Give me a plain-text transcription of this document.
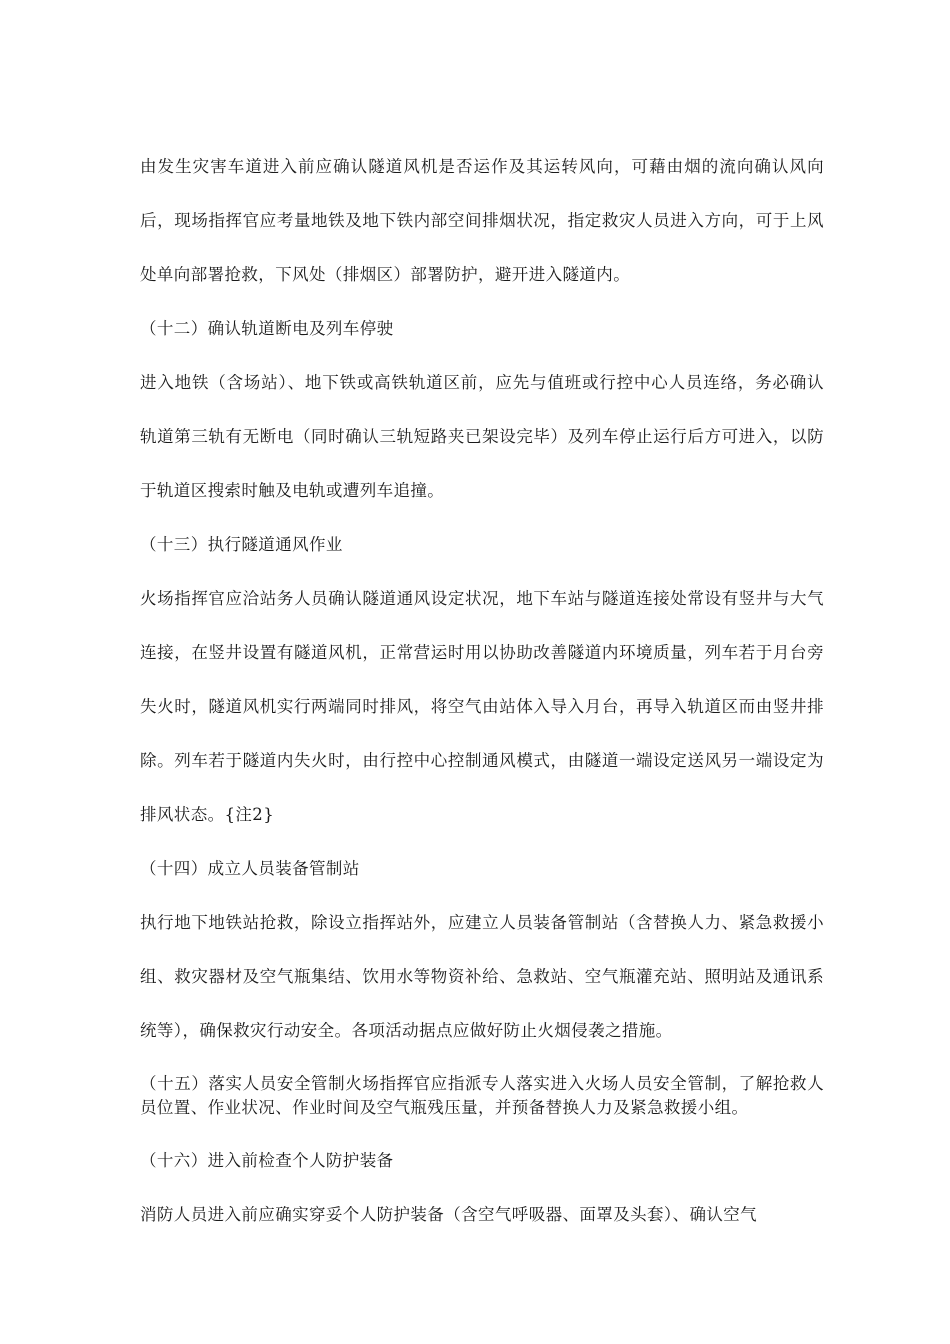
由发生灾害车道进入前应确认隧道风机是否运作及其运转风向，可藉由烟的流向确认风向后，现场指挥官应考量地铁及地下铁内部空间排烟状况，指定救灾人员进入方向，可于上风处单向部署抢救，下风处（排烟区）部署防护，避开进入隧道内。

（十二）确认轨道断电及列车停驶

进入地铁（含场站）、地下铁或高铁轨道区前，应先与值班或行控中心人员连络，务必确认轨道第三轨有无断电（同时确认三轨短路夹已架设完毕）及列车停止运行后方可进入，以防于轨道区搜索时触及电轨或遭列车追撞。

（十三）执行隧道通风作业

火场指挥官应洽站务人员确认隧道通风设定状况，地下车站与隧道连接处常设有竖井与大气连接，在竖井设置有隧道风机，正常营运时用以协助改善隧道内环境质量，列车若于月台旁失火时，隧道风机实行两端同时排风，将空气由站体入导入月台，再导入轨道区而由竖井排除。列车若于隧道内失火时，由行控中心控制通风模式，由隧道一端设定送风另一端设定为排风状态。{注2}

（十四）成立人员装备管制站

执行地下地铁站抢救，除设立指挥站外，应建立人员装备管制站（含替换人力、紧急救援小组、救灾器材及空气瓶集结、饮用水等物资补给、急救站、空气瓶灌充站、照明站及通讯系统等），确保救灾行动安全。各项活动据点应做好防止火烟侵袭之措施。

（十五）落实人员安全管制火场指挥官应指派专人落实进入火场人员安全管制，了解抢救人员位置、作业状况、作业时间及空气瓶残压量，并预备替换人力及紧急救援小组。

（十六）进入前检查个人防护装备

消防人员进入前应确实穿妥个人防护装备（含空气呼吸器、面罩及头套）、确认空气
